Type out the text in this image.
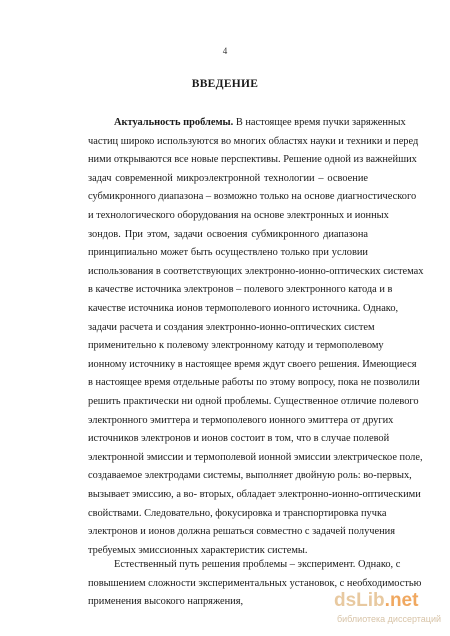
4
ВВЕДЕНИЕ
Актуальность проблемы. В настоящее время пучки заряженных
частиц широко используются во многих областях науки и техники и перед
ними открываются все новые перспективы. Решение одной из важнейших
задач современной микроэлектронной технологии – освоение
субмикронного диапазона – возможно только на основе диагностического
и технологического оборудования на основе электронных и ионных
зондов. При этом, задачи освоения субмикронного диапазона
принципиально может быть осуществлено только при условии
использования в соответствующих электронно-ионно-оптических системах
в качестве источника электронов – полевого электронного катода и в
качестве источника ионов термополевого ионного источника. Однако,
задачи расчета и создания электронно-ионно-оптических систем
применительно к полевому электронному катоду и термополевому
ионному источнику в настоящее время ждут своего решения. Имеющиеся
в настоящее время отдельные работы по этому вопросу, пока не позволили
решить практически ни одной проблемы. Существенное отличие полевого
электронного эмиттера и термополевого ионного эмиттера от других
источников электронов и ионов состоит в том, что в случае полевой
электронной эмиссии и термополевой ионной эмиссии электрическое поле,
создаваемое электродами системы, выполняет двойную роль: во-первых,
вызывает эмиссию, а во- вторых, обладает электронно-ионно-оптическими
свойствами. Следовательно, фокусировка и транспортировка пучка
электронов и ионов должна решаться совместно с задачей получения
требуемых эмиссионных характеристик системы.
Естественный путь решения проблемы – эксперимент. Однако, с
повышением сложности экспериментальных установок, с необходимостью
применения высокого напряжения,	dsLib.net
библиотека диссертаций
